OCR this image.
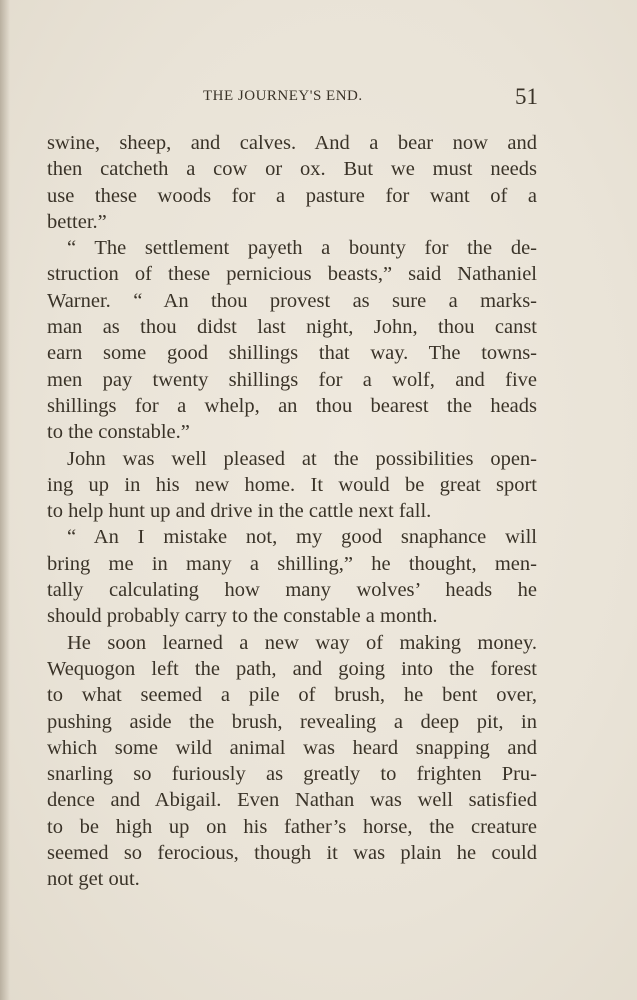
THE JOURNEY'S END.	51
swine, sheep, and calves. And a bear now and
then catcheth a cow or ox. But we must needs
use these woods for a pasture for want of a
better.”
“ The settlement payeth a bounty for the de-
struction of these pernicious beasts,” said Nathaniel
Warner. “ An thou provest as sure a marks-
man as thou didst last night, John, thou canst
earn some good shillings that way. The towns-
men pay twenty shillings for a wolf, and five
shillings for a whelp, an thou bearest the heads
to the constable.”
John was well pleased at the possibilities open-
ing up in his new home. It would be great sport
to help hunt up and drive in the cattle next fall.
“ An I mistake not, my good snaphance will
bring me in many a shilling,” he thought, men-
tally calculating how many wolves’ heads he
should probably carry to the constable a month.
He soon learned a new way of making money.
Wequogon left the path, and going into the forest
to what seemed a pile of brush, he bent over,
pushing aside the brush, revealing a deep pit, in
which some wild animal was heard snapping and
snarling so furiously as greatly to frighten Pru-
dence and Abigail. Even Nathan was well satisfied
to be high up on his father’s horse, the creature
seemed so ferocious, though it was plain he could
not get out.
